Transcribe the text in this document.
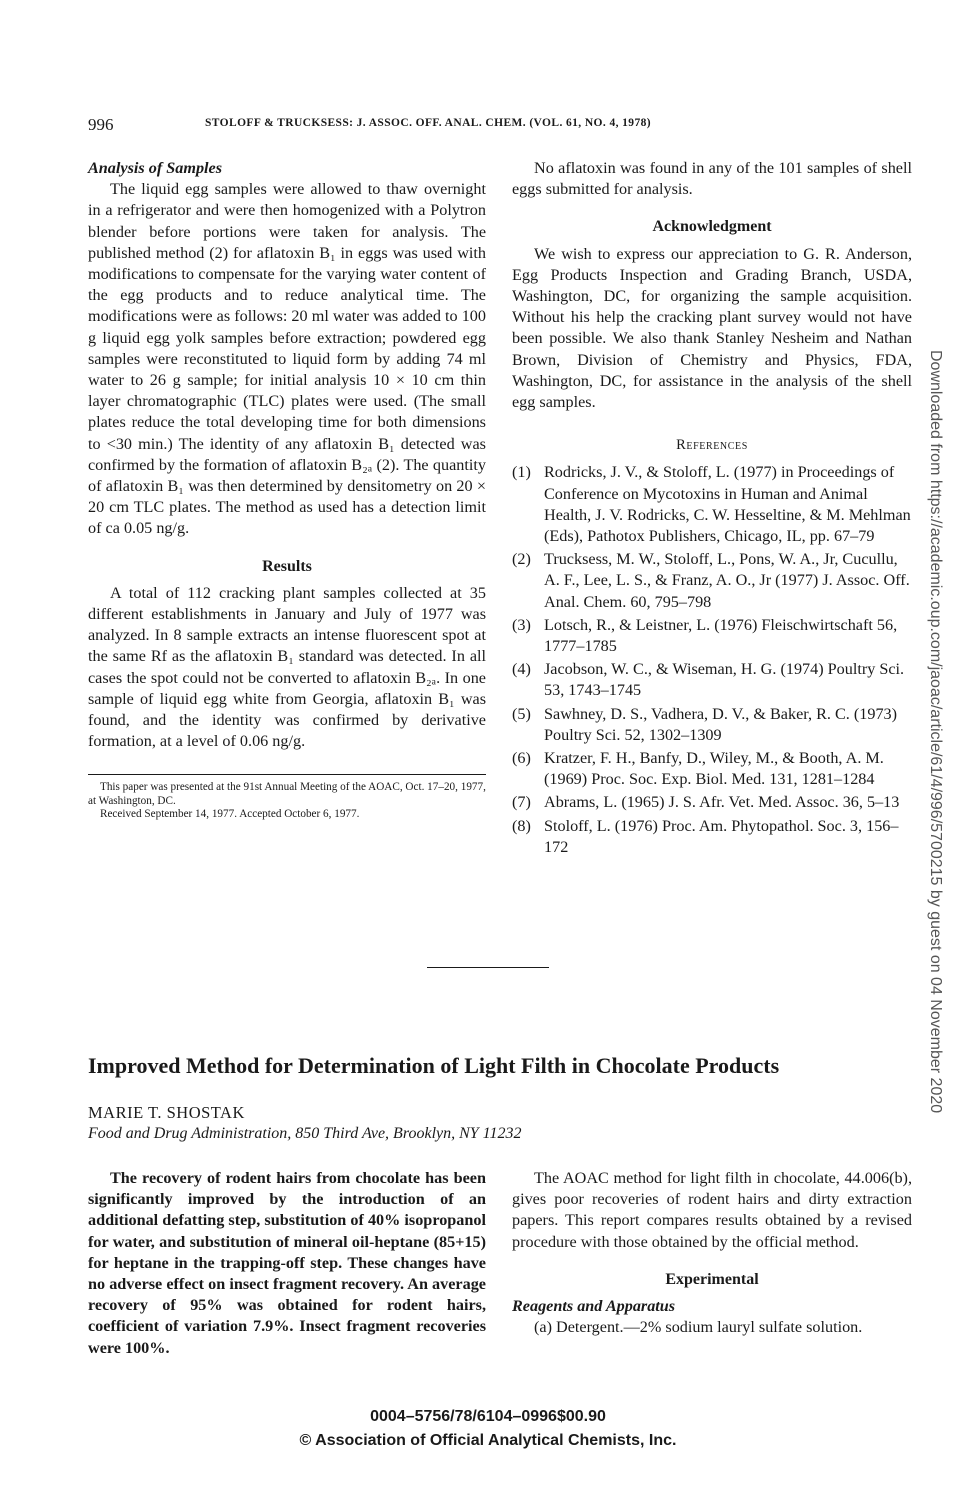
996	STOLOFF & TRUCKSESS: J. ASSOC. OFF. ANAL. CHEM. (VOL. 61, NO. 4, 1978)

Analysis of Samples

The liquid egg samples were allowed to thaw overnight in a refrigerator and were then homogenized with a Polytron blender before portions were taken for analysis. The published method (2) for aflatoxin B₁ in eggs was used with modifications to compensate for the varying water content of the egg products and to reduce analytical time. The modifications were as follows: 20 ml water was added to 100 g liquid egg yolk samples before extraction; powdered egg samples were reconstituted to liquid form by adding 74 ml water to 26 g sample; for initial analysis 10 × 10 cm thin layer chromatographic (TLC) plates were used. (The small plates reduce the total developing time for both dimensions to <30 min.) The identity of any aflatoxin B₁ detected was confirmed by the formation of aflatoxin B₂ₐ (2). The quantity of aflatoxin B₁ was then determined by densitometry on 20 × 20 cm TLC plates. The method as used has a detection limit of ca 0.05 ng/g.

Results

A total of 112 cracking plant samples collected at 35 different establishments in January and July of 1977 was analyzed. In 8 sample extracts an intense fluorescent spot at the same Rf as the aflatoxin B₁ standard was detected. In all cases the spot could not be converted to aflatoxin B₂ₐ. In one sample of liquid egg white from Georgia, aflatoxin B₁ was found, and the identity was confirmed by derivative formation, at a level of 0.06 ng/g.

This paper was presented at the 91st Annual Meeting of the AOAC, Oct. 17–20, 1977, at Washington, DC.

Received September 14, 1977. Accepted October 6, 1977.

No aflatoxin was found in any of the 101 samples of shell eggs submitted for analysis.

Acknowledgment

We wish to express our appreciation to G. R. Anderson, Egg Products Inspection and Grading Branch, USDA, Washington, DC, for organizing the sample acquisition. Without his help the cracking plant survey would not have been possible. We also thank Stanley Nesheim and Nathan Brown, Division of Chemistry and Physics, FDA, Washington, DC, for assistance in the analysis of the shell egg samples.

References

(1) Rodricks, J. V., & Stoloff, L. (1977) in Proceedings of Conference on Mycotoxins in Human and Animal Health, J. V. Rodricks, C. W. Hesseltine, & M. Mehlman (Eds), Pathotox Publishers, Chicago, IL, pp. 67–79
(2) Trucksess, M. W., Stoloff, L., Pons, W. A., Jr, Cucullu, A. F., Lee, L. S., & Franz, A. O., Jr (1977) J. Assoc. Off. Anal. Chem. 60, 795–798
(3) Lotsch, R., & Leistner, L. (1976) Fleischwirtschaft 56, 1777–1785
(4) Jacobson, W. C., & Wiseman, H. G. (1974) Poultry Sci. 53, 1743–1745
(5) Sawhney, D. S., Vadhera, D. V., & Baker, R. C. (1973) Poultry Sci. 52, 1302–1309
(6) Kratzer, F. H., Banfy, D., Wiley, M., & Booth, A. M. (1969) Proc. Soc. Exp. Biol. Med. 131, 1281–1284
(7) Abrams, L. (1965) J. S. Afr. Vet. Med. Assoc. 36, 5–13
(8) Stoloff, L. (1976) Proc. Am. Phytopathol. Soc. 3, 156–172
Improved Method for Determination of Light Filth in Chocolate Products
MARIE T. SHOSTAK
Food and Drug Administration, 850 Third Ave, Brooklyn, NY 11232

The recovery of rodent hairs from chocolate has been significantly improved by the introduction of an additional defatting step, substitution of 40% isopropanol for water, and substitution of mineral oil-heptane (85+15) for heptane in the trapping-off step. These changes have no adverse effect on insect fragment recovery. An average recovery of 95% was obtained for rodent hairs, coefficient of variation 7.9%. Insect fragment recoveries were 100%.

The AOAC method for light filth in chocolate, 44.006(b), gives poor recoveries of rodent hairs and dirty extraction papers. This report compares results obtained by a revised procedure with those obtained by the official method.

Experimental

Reagents and Apparatus

(a) Detergent.—2% sodium lauryl sulfate solution.

0004–5756/78/6104–0996$00.90
© Association of Official Analytical Chemists, Inc.
Downloaded from https://academic.oup.com/jaoac/article/61/4/996/5700215 by guest on 04 November 2020
